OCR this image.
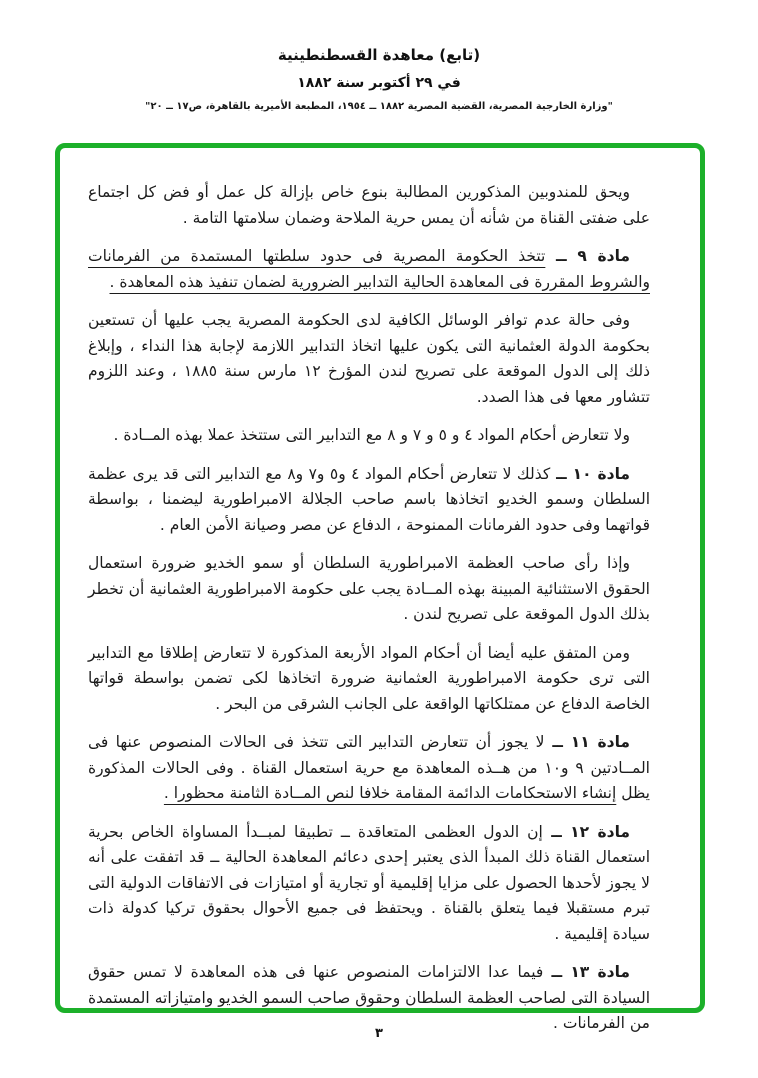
(تابع) معاهدة القسطنطينية
في ٢٩ أكتوبر سنة ١٨٨٢
"وزارة الخارجية المصرية، القضية المصرية ١٨٨٢ ــ ١٩٥٤، المطبعة الأميرية بالقاهرة، ص١٧ ــ ٢٠"

ويحق للمندوبين المذكورين المطالبة بنوع خاص بإزالة كل عمل أو فض كل اجتماع على ضفتى القناة من شأنه أن يمس حرية الملاحة وضمان سلامتها التامة .

مادة ٩ ــ تتخذ الحكومة المصرية فى حدود سلطتها المستمدة من الفرمانات والشروط المقررة فى المعاهدة الحالية التدابير الضرورية لضمان تنفيذ هذه المعاهدة .

وفى حالة عدم توافر الوسائل الكافية لدى الحكومة المصرية يجب عليها أن تستعين بحكومة الدولة العثمانية التى يكون عليها اتخاذ التدابير اللازمة لإجابة هذا النداء ، وإبلاغ ذلك إلى الدول الموقعة على تصريح لندن المؤرخ ١٢ مارس سنة ١٨٨٥ ، وعند اللزوم تتشاور معها فى هذا الصدد.

ولا تتعارض أحكام المواد ٤ و ٥ و ٧ و ٨ مع التدابير التى ستتخذ عملا بهذه المــادة .

مادة ١٠ ــ كذلك لا تتعارض أحكام المواد ٤ و٥ و٧ و٨ مع التدابير التى قد يرى عظمة السلطان وسمو الخديو اتخاذها باسم صاحب الجلالة الامبراطورية ليضمنا ، بواسطة قواتهما وفى حدود الفرمانات الممنوحة ، الدفاع عن مصر وصيانة الأمن العام .

وإذا رأى صاحب العظمة الامبراطورية السلطان أو سمو الخديو ضرورة استعمال الحقوق الاستثنائية المبينة بهذه المــادة يجب على حكومة الامبراطورية العثمانية أن تخطر بذلك الدول الموقعة على تصريح لندن .

ومن المتفق عليه أيضا أن أحكام المواد الأربعة المذكورة لا تتعارض إطلاقا مع التدابير التى ترى حكومة الامبراطورية العثمانية ضرورة اتخاذها لكى تضمن بواسطة قواتها الخاصة الدفاع عن ممتلكاتها الواقعة على الجانب الشرقى من البحر .

مادة ١١ ــ لا يجوز أن تتعارض التدابير التى تتخذ فى الحالات المنصوص عنها فى المــادتين ٩ و١٠ من هــذه المعاهدة مع حرية استعمال القناة . وفى الحالات المذكورة يظل إنشاء الاستحكامات الدائمة المقامة خلافا لنص المــادة الثامنة محظورا .

مادة ١٢ ــ إن الدول العظمى المتعاقدة ــ تطبيقا لمبــدأ المساواة الخاص بحرية استعمال القناة ذلك المبدأ الذى يعتبر إحدى دعائم المعاهدة الحالية ــ قد اتفقت على أنه لا يجوز لأحدها الحصول على مزايا إقليمية أو تجارية أو امتيازات فى الاتفاقات الدولية التى تبرم مستقبلا فيما يتعلق بالقناة . ويحتفظ فى جميع الأحوال بحقوق تركيا كدولة ذات سيادة إقليمية .

مادة ١٣ ــ فيما عدا الالتزامات المنصوص عنها فى هذه المعاهدة لا تمس حقوق السيادة التى لصاحب العظمة السلطان وحقوق صاحب السمو الخديو وامتيازاته المستمدة من الفرمانات .

٣
